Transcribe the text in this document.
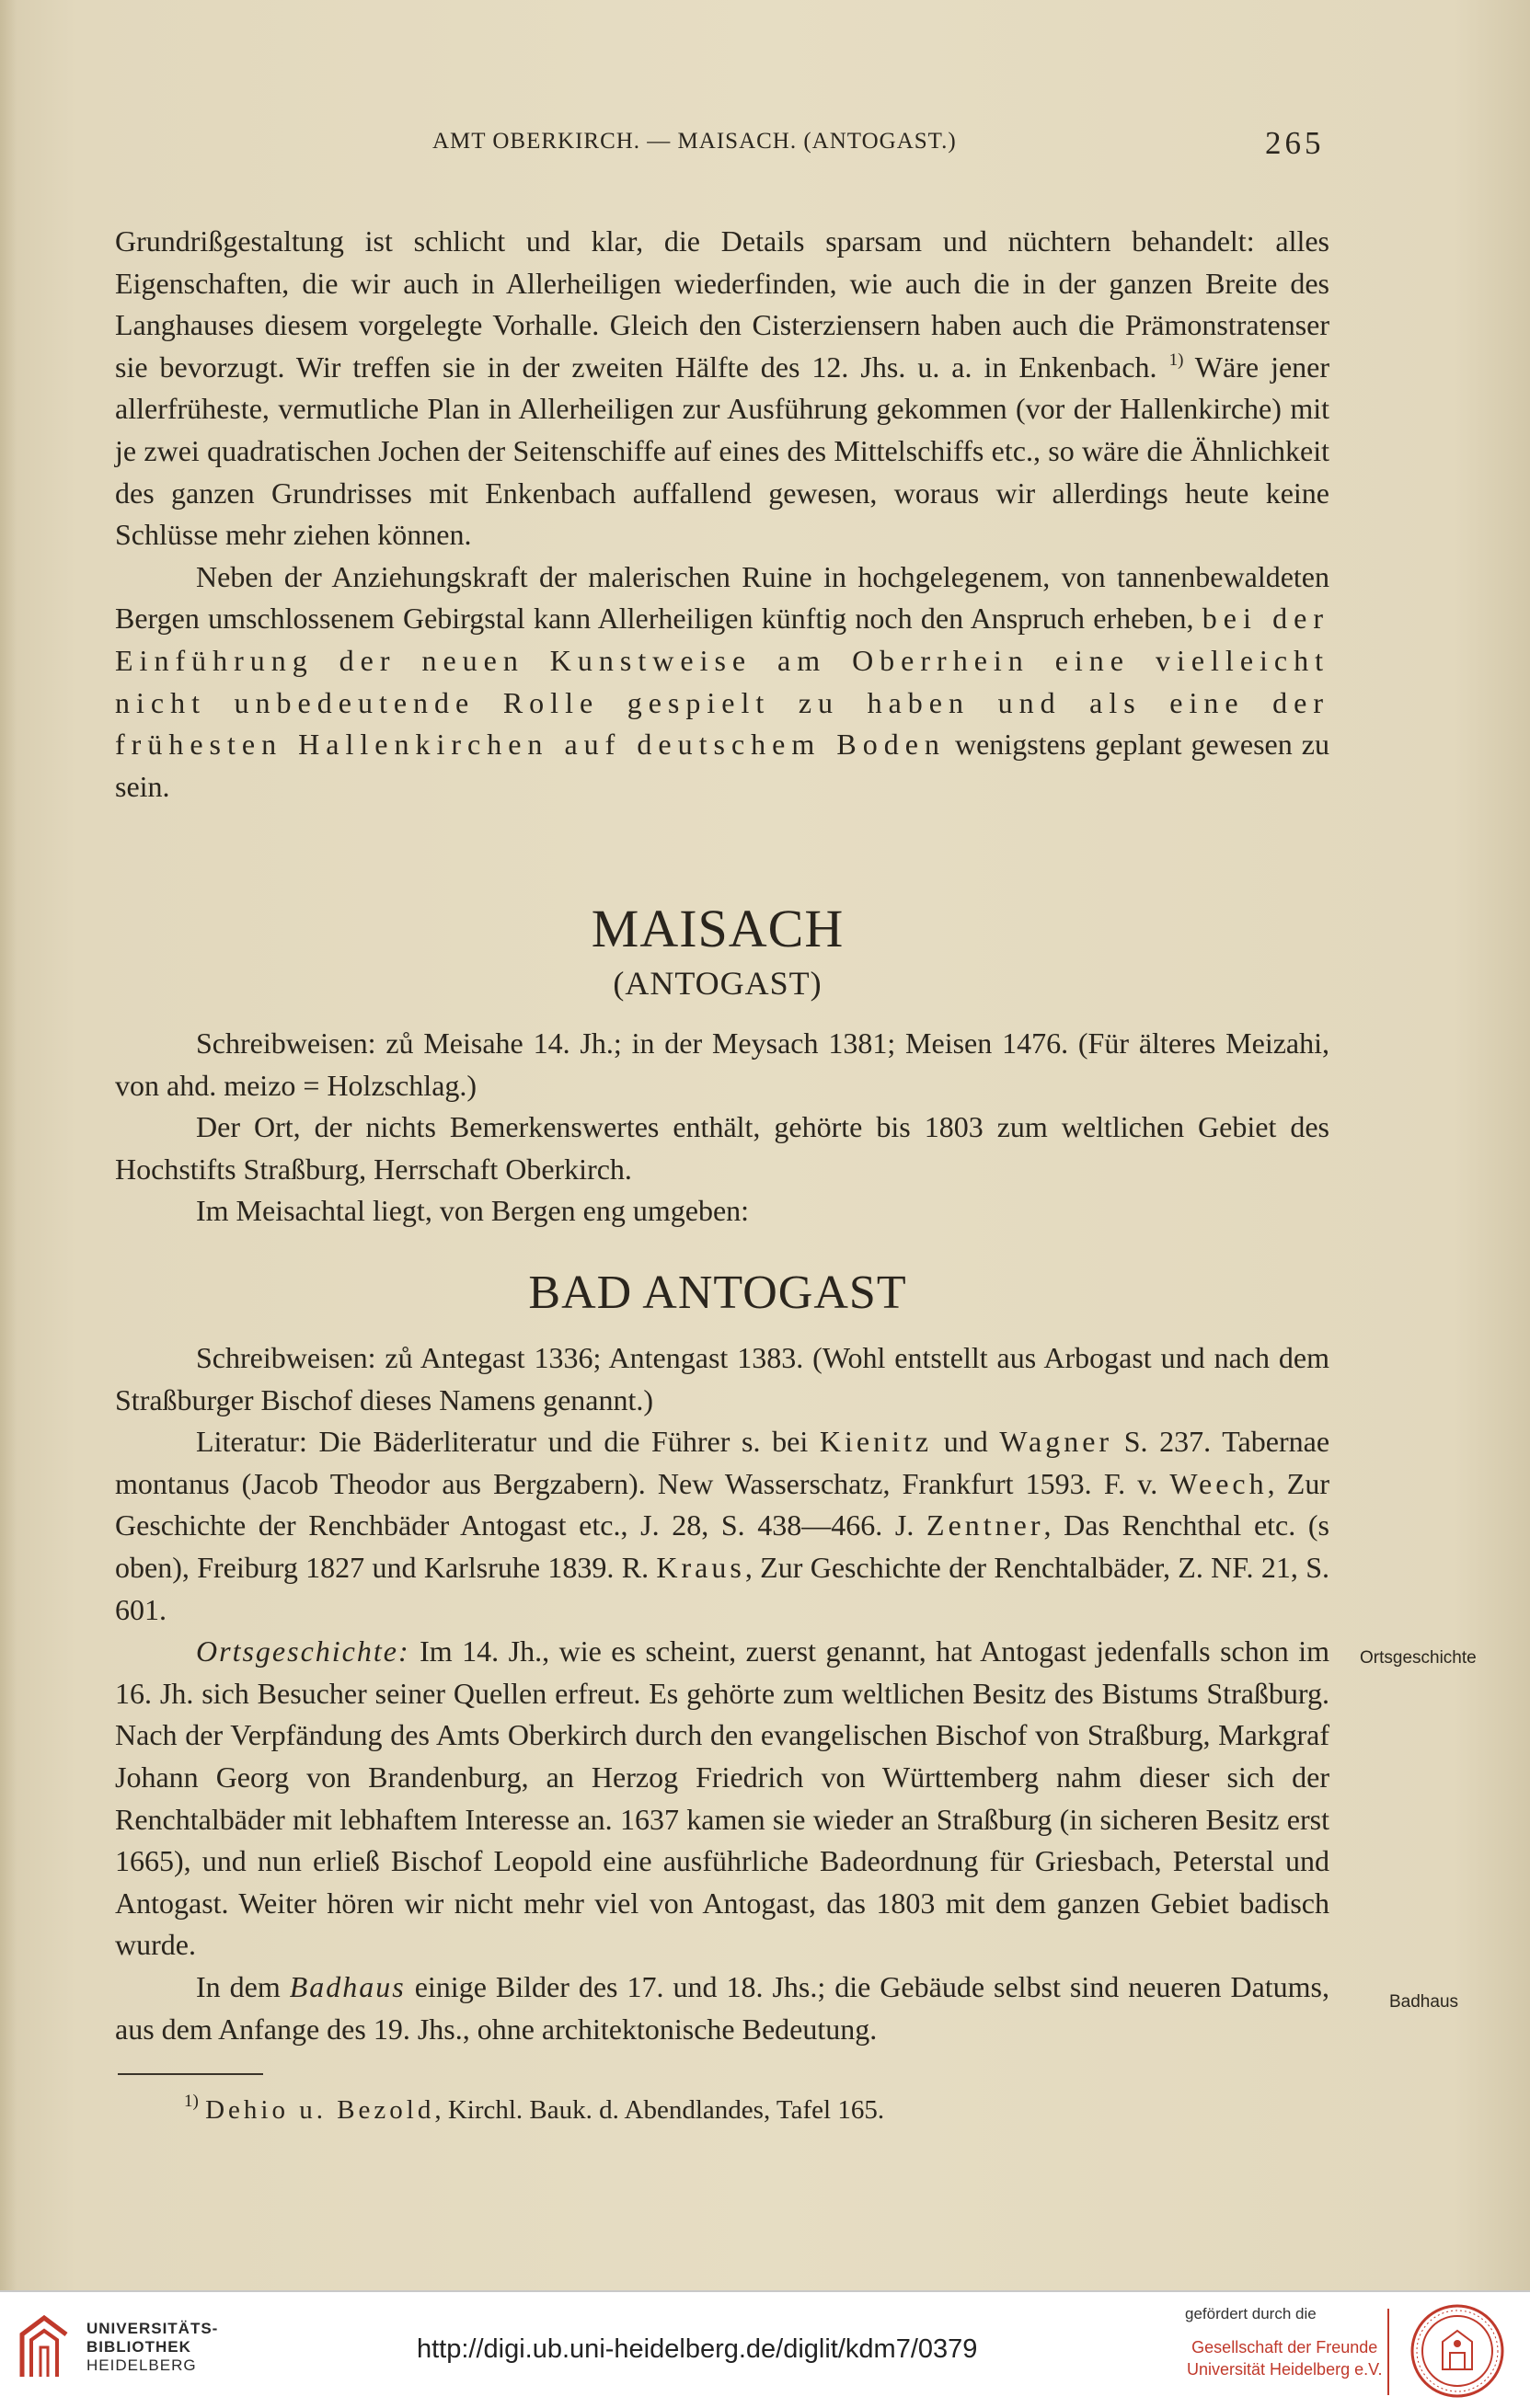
AMT OBERKIRCH. — MAISACH. (ANTOGAST.)	265

Grundrißgestaltung ist schlicht und klar, die Details sparsam und nüchtern behandelt: alles Eigenschaften, die wir auch in Allerheiligen wiederfinden, wie auch die in der ganzen Breite des Langhauses diesem vorgelegte Vorhalle. Gleich den Cisterziensern haben auch die Prämonstratenser sie bevorzugt. Wir treffen sie in der zweiten Hälfte des 12. Jhs. u. a. in Enkenbach. $^{1)}$ Wäre jener allerfrüheste, vermutliche Plan in Allerheiligen zur Ausführung gekommen (vor der Hallenkirche) mit je zwei quadratischen Jochen der Seitenschiffe auf eines des Mittelschiffs etc., so wäre die Ähnlichkeit des ganzen Grundrisses mit Enkenbach auffallend gewesen, woraus wir allerdings heute keine Schlüsse mehr ziehen können.

Neben der Anziehungskraft der malerischen Ruine in hochgelegenem, von tannenbewaldeten Bergen umschlossenem Gebirgstal kann Allerheiligen künftig noch den Anspruch erheben, bei der Einführung der neuen Kunstweise am Oberrhein eine vielleicht nicht unbedeutende Rolle gespielt zu haben und als eine der frühesten Hallenkirchen auf deutschem Boden wenigstens geplant gewesen zu sein.

MAISACH
(ANTOGAST)

Schreibweisen: zů Meisahe 14. Jh.; in der Meysach 1381; Meisen 1476. (Für älteres Meizahi, von ahd. meizo = Holzschlag.)

Der Ort, der nichts Bemerkenswertes enthält, gehörte bis 1803 zum weltlichen Gebiet des Hochstifts Straßburg, Herrschaft Oberkirch.

Im Meisachtal liegt, von Bergen eng umgeben:

BAD ANTOGAST

Schreibweisen: zů Antegast 1336; Antengast 1383. (Wohl entstellt aus Arbogast und nach dem Straßburger Bischof dieses Namens genannt.)

Literatur: Die Bäderliteratur und die Führer s. bei Kienitz und Wagner S. 237. Tabernae montanus (Jacob Theodor aus Bergzabern). New Wasserschatz, Frankfurt 1593. F. v. Weech, Zur Geschichte der Renchbäder Antogast etc., J. 28, S. 438—466. J. Zentner, Das Renchthal etc. (s oben), Freiburg 1827 und Karlsruhe 1839. R. Kraus, Zur Geschichte der Renchtalbäder, Z. NF. 21, S. 601.

Ortsgeschichte: Im 14. Jh., wie es scheint, zuerst genannt, hat Antogast jedenfalls schon im 16. Jh. sich Besucher seiner Quellen erfreut. Es gehörte zum weltlichen Besitz des Bistums Straßburg. Nach der Verpfändung des Amts Oberkirch durch den evangelischen Bischof von Straßburg, Markgraf Johann Georg von Brandenburg, an Herzog Friedrich von Württemberg nahm dieser sich der Renchtalbäder mit lebhaftem Interesse an. 1637 kamen sie wieder an Straßburg (in sicheren Besitz erst 1665), und nun erließ Bischof Leopold eine ausführliche Badeordnung für Griesbach, Peterstal und Antogast. Weiter hören wir nicht mehr viel von Antogast, das 1803 mit dem ganzen Gebiet badisch wurde.

In dem Badhaus einige Bilder des 17. und 18. Jhs.; die Gebäude selbst sind neueren Datums, aus dem Anfange des 19. Jhs., ohne architektonische Bedeutung.

Ortsgeschichte
Badhaus
$^{1)}$ Dehio u. Bezold, Kirchl. Bauk. d. Abendlandes, Tafel 165.
UNIVERSITÄTS-
BIBLIOTHEK
HEIDELBERG
http://digi.ub.uni-heidelberg.de/diglit/kdm7/0379
gefördert durch die
Gesellschaft der Freunde
Universität Heidelberg e.V.
